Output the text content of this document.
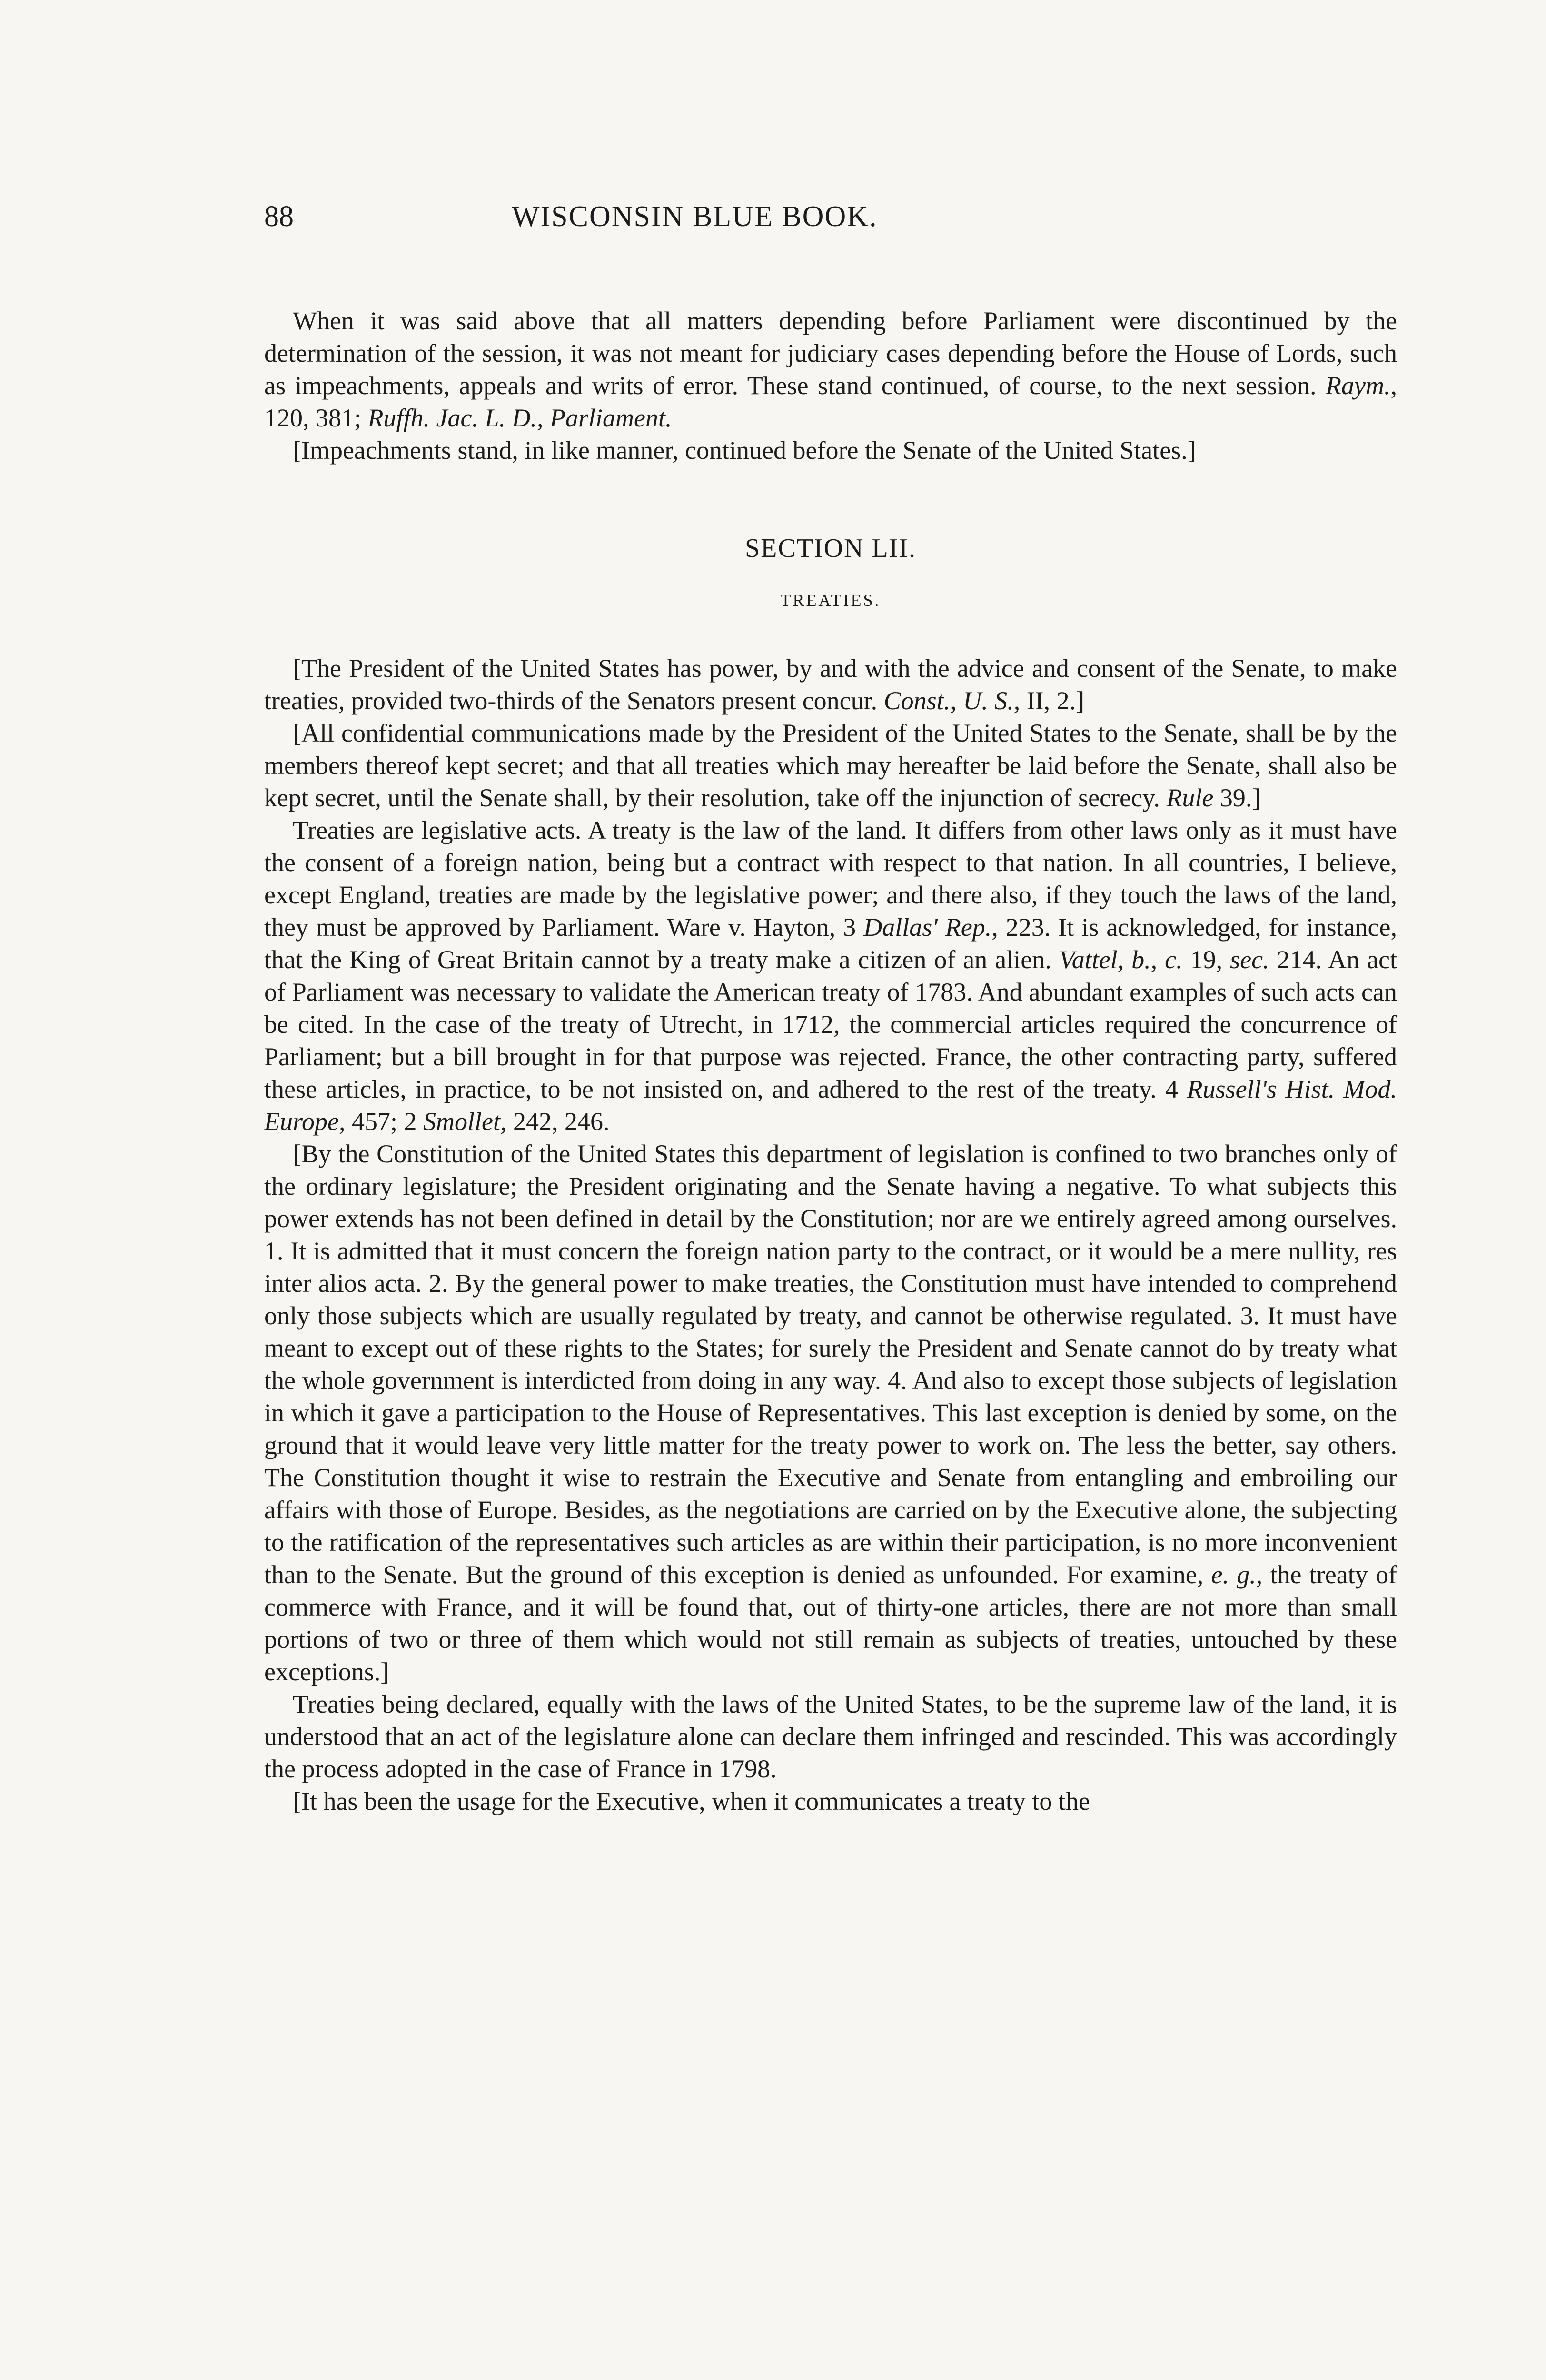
88	WISCONSIN BLUE BOOK.

When it was said above that all matters depending before Parliament were discontinued by the determination of the session, it was not meant for judiciary cases depending before the House of Lords, such as impeachments, appeals and writs of error. These stand continued, of course, to the next session. Raym., 120, 381; Ruffh. Jac. L. D., Parliament.

[Impeachments stand, in like manner, continued before the Senate of the United States.]

SECTION LII.
TREATIES.

[The President of the United States has power, by and with the advice and consent of the Senate, to make treaties, provided two-thirds of the Senators present concur. Const., U. S., II, 2.]

[All confidential communications made by the President of the United States to the Senate, shall be by the members thereof kept secret; and that all treaties which may hereafter be laid before the Senate, shall also be kept secret, until the Senate shall, by their resolution, take off the injunction of secrecy. Rule 39.]

Treaties are legislative acts. A treaty is the law of the land. It differs from other laws only as it must have the consent of a foreign nation, being but a contract with respect to that nation. In all countries, I believe, except England, treaties are made by the legislative power; and there also, if they touch the laws of the land, they must be approved by Parliament. Ware v. Hayton, 3 Dallas' Rep., 223. It is acknowledged, for instance, that the King of Great Britain cannot by a treaty make a citizen of an alien. Vattel, b., c. 19, sec. 214. An act of Parliament was necessary to validate the American treaty of 1783. And abundant examples of such acts can be cited. In the case of the treaty of Utrecht, in 1712, the commercial articles required the concurrence of Parliament; but a bill brought in for that purpose was rejected. France, the other contracting party, suffered these articles, in practice, to be not insisted on, and adhered to the rest of the treaty. 4 Russell's Hist. Mod. Europe, 457; 2 Smollet, 242, 246.

[By the Constitution of the United States this department of legislation is confined to two branches only of the ordinary legislature; the President originating and the Senate having a negative. To what subjects this power extends has not been defined in detail by the Constitution; nor are we entirely agreed among ourselves. 1. It is admitted that it must concern the foreign nation party to the contract, or it would be a mere nullity, res inter alios acta. 2. By the general power to make treaties, the Constitution must have intended to comprehend only those subjects which are usually regulated by treaty, and cannot be otherwise regulated. 3. It must have meant to except out of these rights to the States; for surely the President and Senate cannot do by treaty what the whole government is interdicted from doing in any way. 4. And also to except those subjects of legislation in which it gave a participation to the House of Representatives. This last exception is denied by some, on the ground that it would leave very little matter for the treaty power to work on. The less the better, say others. The Constitution thought it wise to restrain the Executive and Senate from entangling and embroiling our affairs with those of Europe. Besides, as the negotiations are carried on by the Executive alone, the subjecting to the ratification of the representatives such articles as are within their participation, is no more inconvenient than to the Senate. But the ground of this exception is denied as unfounded. For examine, e. g., the treaty of commerce with France, and it will be found that, out of thirty-one articles, there are not more than small portions of two or three of them which would not still remain as subjects of treaties, untouched by these exceptions.]

Treaties being declared, equally with the laws of the United States, to be the supreme law of the land, it is understood that an act of the legislature alone can declare them infringed and rescinded. This was accordingly the process adopted in the case of France in 1798.

[It has been the usage for the Executive, when it communicates a treaty to the
